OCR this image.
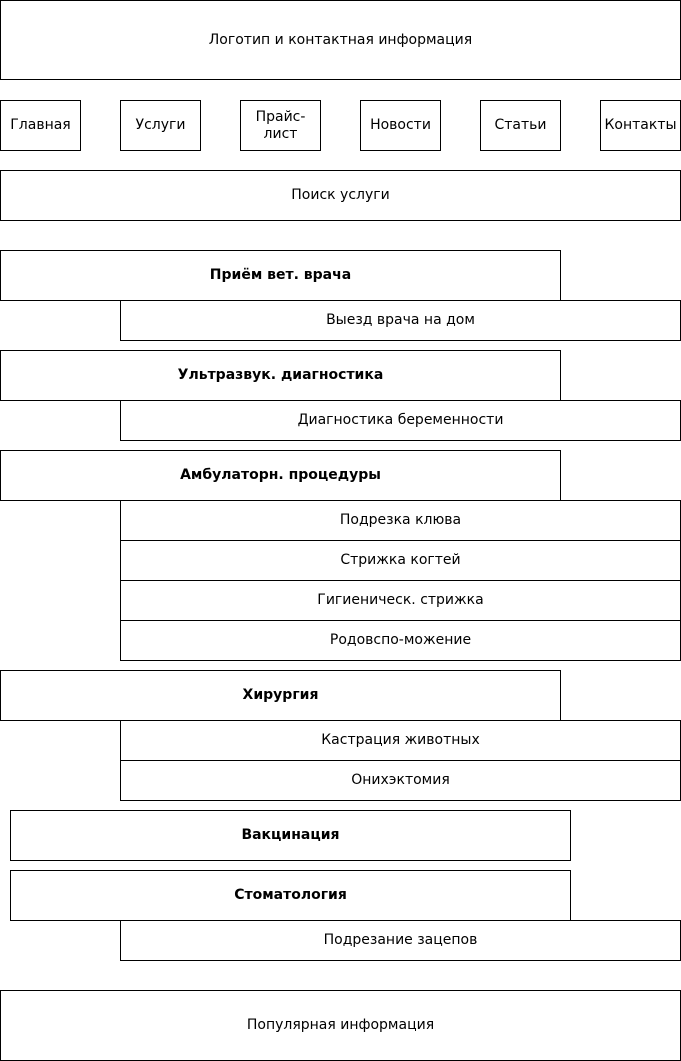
Логотип и контактная информация
Главная	Услуги
Прайс-лист
Новости	Статьи	Контакты
Поиск услуги
Приём вет. врача
Выезд врача на дом
Ультразвук. диагностика
Диагностика беременности
Амбулаторн. процедуры
Подрезка клюва
Стрижка когтей
Гигиеническ. стрижка
Родовспо-можение
Хирургия
Кастрация животных
Онихэктомия
Вакцинация
Стоматология
Подрезание зацепов
Популярная информация
